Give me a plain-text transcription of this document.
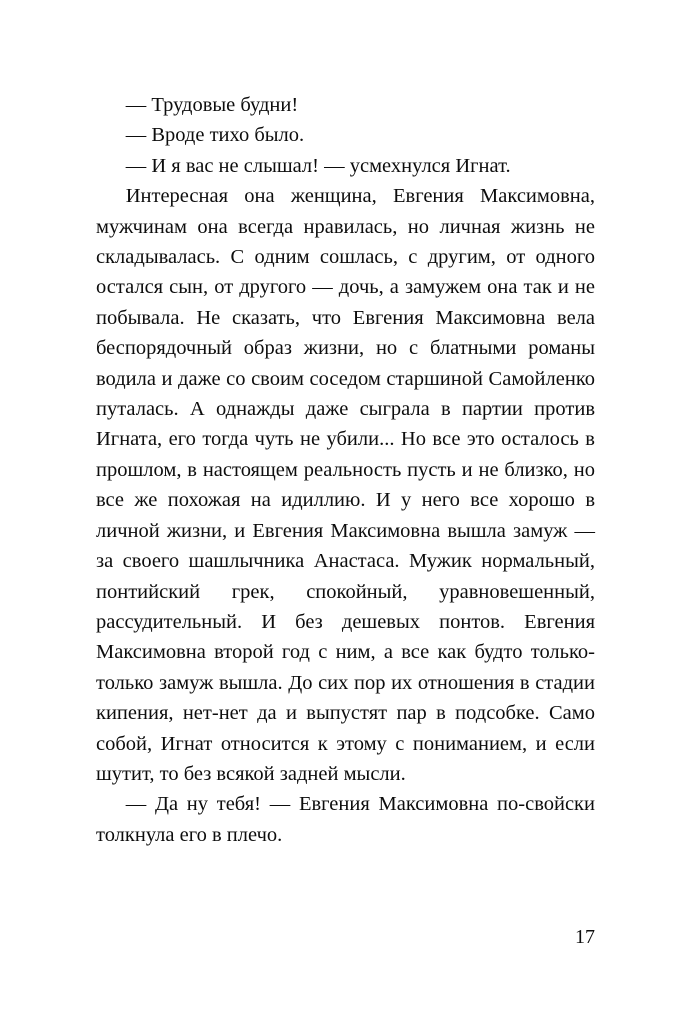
— Трудовые будни!

— Вроде тихо было.

— И я вас не слышал! — усмехнулся Игнат.

Интересная она женщина, Евгения Максимовна, мужчинам она всегда нравилась, но личная жизнь не складывалась. С одним сошлась, с другим, от одного остался сын, от другого — дочь, а замужем она так и не побывала. Не сказать, что Евгения Максимовна вела беспорядочный образ жизни, но с блатными романы водила и даже со своим соседом старшиной Самойленко путалась. А однажды даже сыграла в партии против Игната, его тогда чуть не убили... Но все это осталось в прошлом, в настоящем реальность пусть и не близко, но все же похожая на идиллию. И у него все хорошо в личной жизни, и Евгения Максимовна вышла замуж — за своего шашлычника Анастаса. Мужик нормальный, понтийский грек, спокойный, уравновешенный, рассудительный. И без дешевых понтов. Евгения Максимовна второй год с ним, а все как будто только-только замуж вышла. До сих пор их отношения в стадии кипения, нет-нет да и выпустят пар в подсобке. Само собой, Игнат относится к этому с пониманием, и если шутит, то без всякой задней мысли.

— Да ну тебя! — Евгения Максимовна по-свойски толкнула его в плечо.

17
